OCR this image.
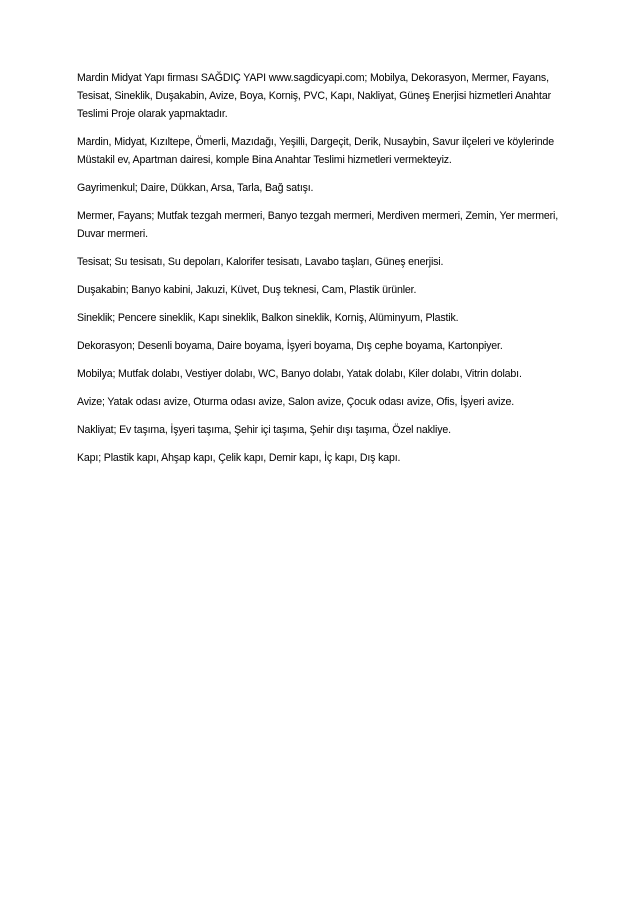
Mardin Midyat Yapı firması SAĞDIÇ YAPI www.sagdicyapi.com; Mobilya, Dekorasyon, Mermer, Fayans, Tesisat, Sineklik, Duşakabin, Avize, Boya, Korniş, PVC, Kapı, Nakliyat, Güneş Enerjisi hizmetleri Anahtar Teslimi Proje olarak yapmaktadır.

Mardin, Midyat, Kızıltepe, Ömerli, Mazıdağı, Yeşilli, Dargeçit, Derik, Nusaybin, Savur ilçeleri ve köylerinde Müstakil ev, Apartman dairesi, komple Bina Anahtar Teslimi hizmetleri vermekteyiz.

Gayrimenkul; Daire, Dükkan, Arsa, Tarla, Bağ satışı.

Mermer, Fayans; Mutfak tezgah mermeri, Banyo tezgah mermeri, Merdiven mermeri, Zemin, Yer mermeri, Duvar mermeri.

Tesisat; Su tesisatı, Su depoları, Kalorifer tesisatı, Lavabo taşları, Güneş enerjisi.

Duşakabin; Banyo kabini, Jakuzi, Küvet, Duş teknesi, Cam, Plastik ürünler.

Sineklik; Pencere sineklik, Kapı sineklik, Balkon sineklik, Korniş, Alüminyum, Plastik.

Dekorasyon; Desenli boyama, Daire boyama, İşyeri boyama, Dış cephe boyama, Kartonpiyer.

Mobilya; Mutfak dolabı, Vestiyer dolabı, WC, Banyo dolabı, Yatak dolabı, Kiler dolabı, Vitrin dolabı.

Avize; Yatak odası avize, Oturma odası avize, Salon avize, Çocuk odası avize, Ofis, İşyeri avize.

Nakliyat; Ev taşıma, İşyeri taşıma, Şehir içi taşıma, Şehir dışı taşıma, Özel nakliye.

Kapı; Plastik kapı, Ahşap kapı, Çelik kapı, Demir kapı, İç kapı, Dış kapı.
